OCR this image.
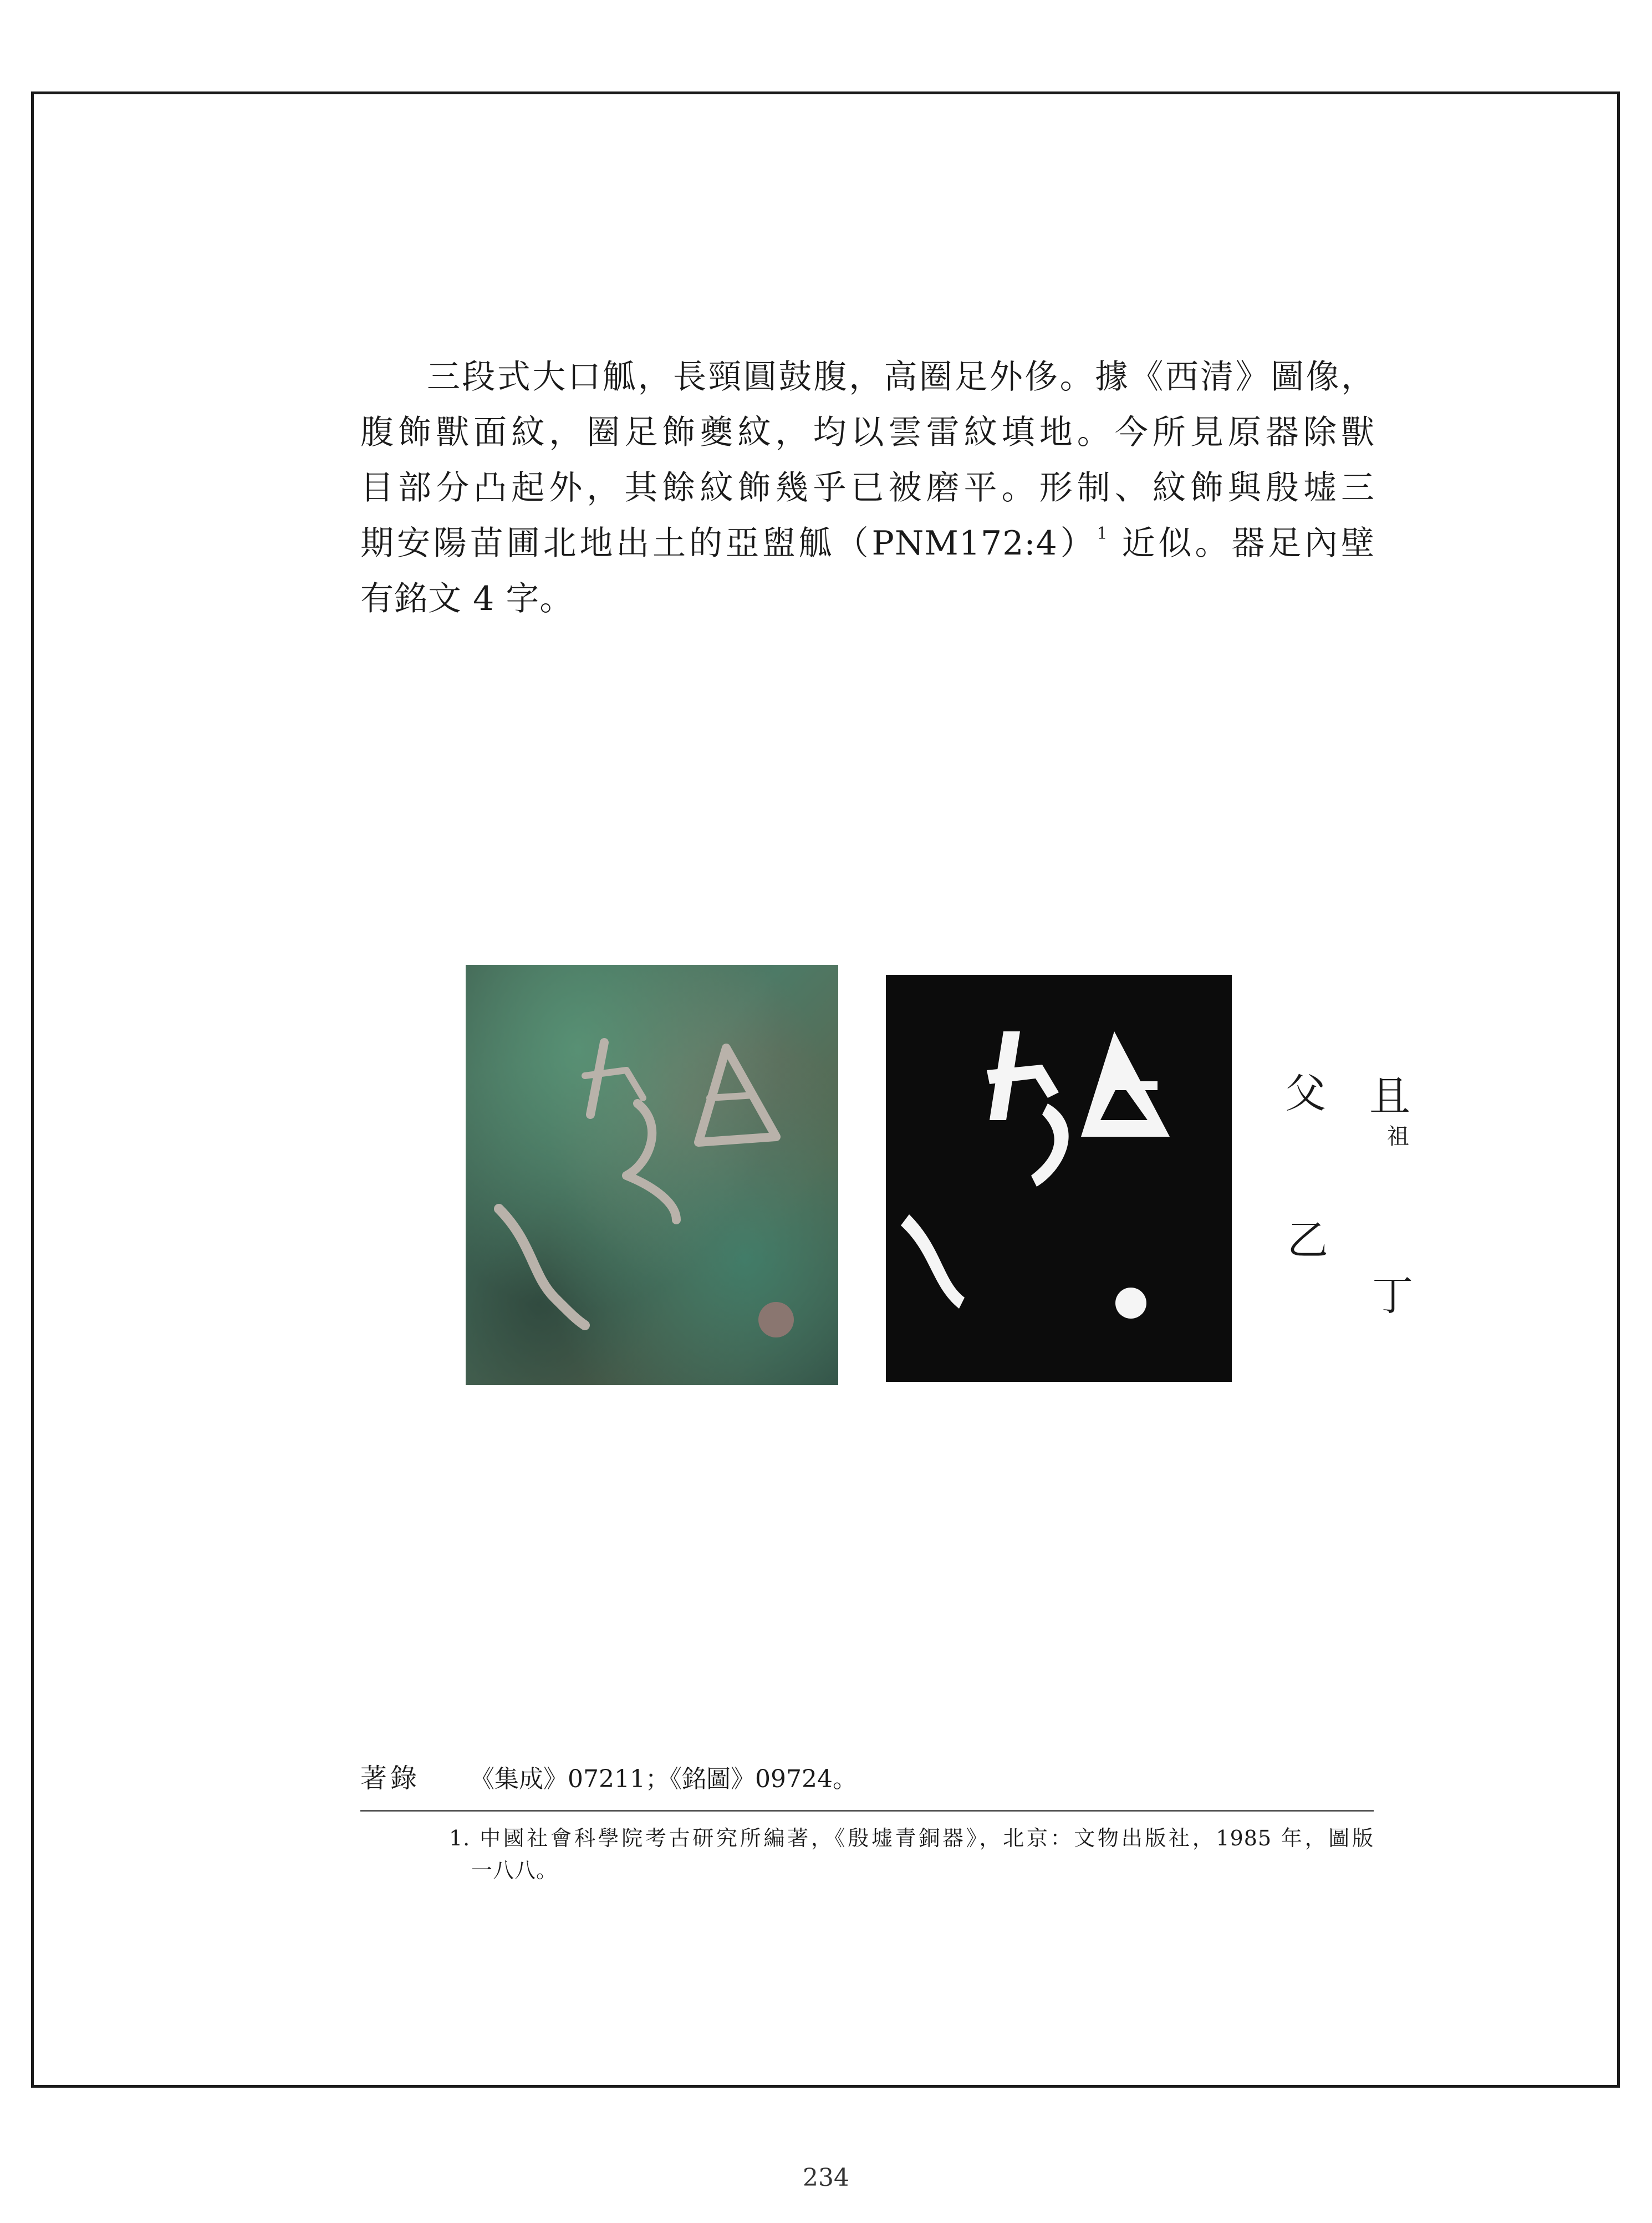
三段式大口觚，長頸圓鼓腹，高圈足外侈。據《西清》圖像，
腹飾獸面紋，圈足飾夔紋，均以雲雷紋填地。今所見原器除獸
目部分凸起外，其餘紋飾幾乎已被磨平。形制、紋飾與殷墟三
期安陽苗圃北地出土的亞盥觚（PNM172:4）$^1$ 近似。器足內壁
有銘文 4 字。
且
祖
丁
父
乙
著錄 《集成》07211；《銘圖》09724。
1. 中國社會科學院考古研究所編著，《殷墟青銅器》，北京：文物出版社，1985 年，圖版
一八八。
234
